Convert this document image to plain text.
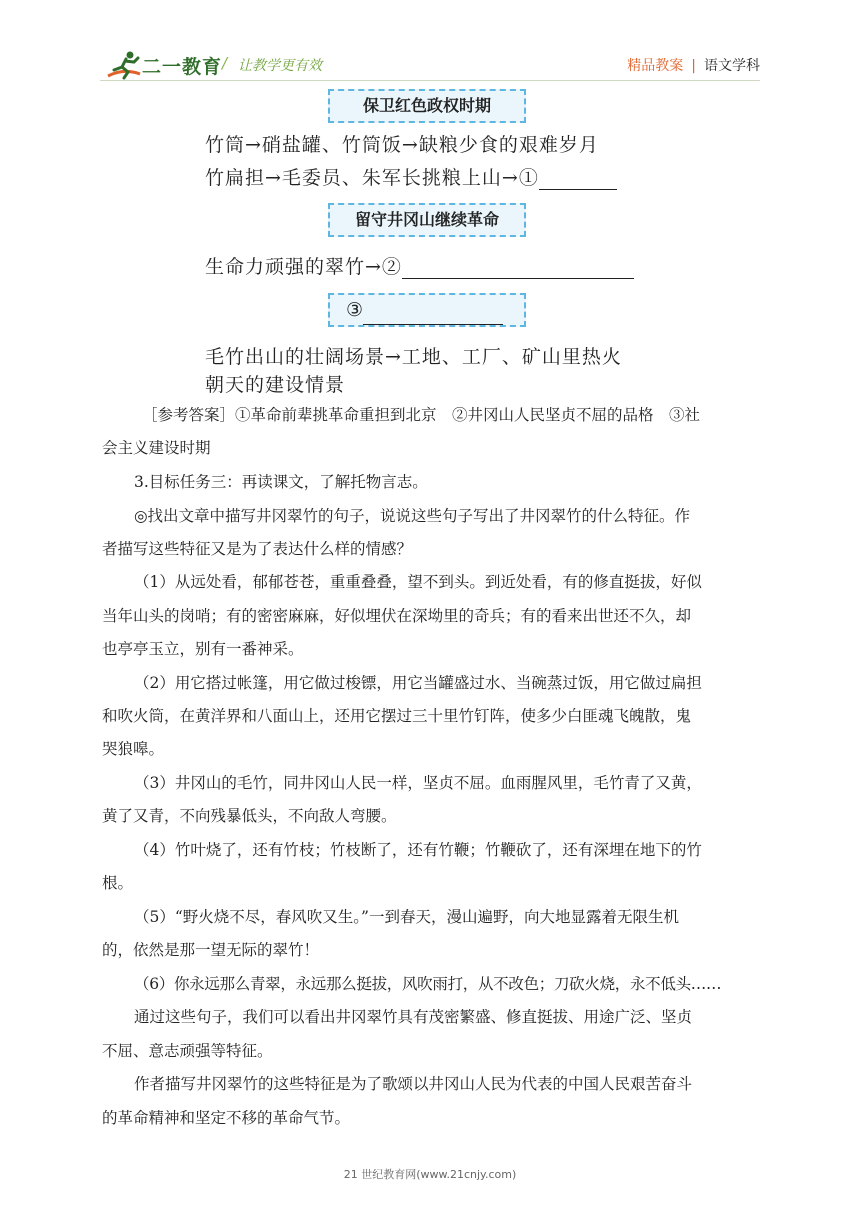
二一教育 / 让教学更有效	精品教案 | 语文学科
保卫红色政权时期
竹筒→硝盐罐、竹筒饭→缺粮少食的艰难岁月
竹扁担→毛委员、朱军长挑粮上山→①
留守井冈山继续革命
生命力顽强的翠竹→②
③
毛竹出山的壮阔场景→工地、工厂、矿山里热火
朝天的建设情景
［参考答案］①革命前辈挑革命重担到北京　②井冈山人民坚贞不屈的品格　③社
会主义建设时期
3.目标任务三：再读课文，了解托物言志。
◎找出文章中描写井冈翠竹的句子，说说这些句子写出了井冈翠竹的什么特征。作
者描写这些特征又是为了表达什么样的情感？
（1）从远处看，郁郁苍苍，重重叠叠，望不到头。到近处看，有的修直挺拔，好似
当年山头的岗哨；有的密密麻麻，好似埋伏在深坳里的奇兵；有的看来出世还不久，却
也亭亭玉立，别有一番神采。
（2）用它搭过帐篷，用它做过梭镖，用它当罐盛过水、当碗蒸过饭，用它做过扁担
和吹火筒，在黄洋界和八面山上，还用它摆过三十里竹钉阵，使多少白匪魂飞魄散，鬼
哭狼嗥。
（3）井冈山的毛竹，同井冈山人民一样，坚贞不屈。血雨腥风里，毛竹青了又黄，
黄了又青，不向残暴低头，不向敌人弯腰。
（4）竹叶烧了，还有竹枝；竹枝断了，还有竹鞭；竹鞭砍了，还有深埋在地下的竹
根。
（5）“野火烧不尽，春风吹又生。”一到春天，漫山遍野，向大地显露着无限生机
的，依然是那一望无际的翠竹！
（6）你永远那么青翠，永远那么挺拔，风吹雨打，从不改色；刀砍火烧，永不低头……
通过这些句子，我们可以看出井冈翠竹具有茂密繁盛、修直挺拔、用途广泛、坚贞
不屈、意志顽强等特征。
作者描写井冈翠竹的这些特征是为了歌颂以井冈山人民为代表的中国人民艰苦奋斗
的革命精神和坚定不移的革命气节。
21 世纪教育网(www.21cnjy.com)
